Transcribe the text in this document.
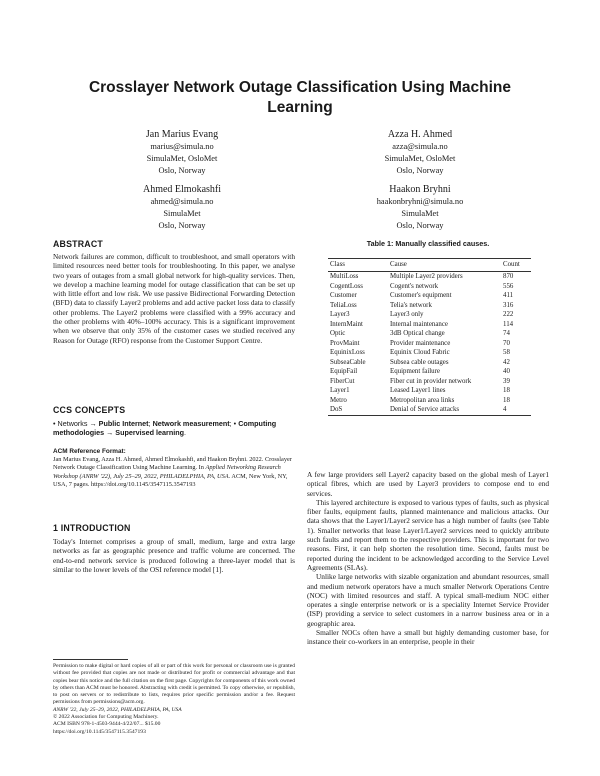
Crosslayer Network Outage Classification Using Machine Learning
Jan Marius Evang
marius@simula.no
SimulaMet, OsloMet
Oslo, Norway
Azza H. Ahmed
azza@simula.no
SimulaMet, OsloMet
Oslo, Norway
Ahmed Elmokashfi
ahmed@simula.no
SimulaMet
Oslo, Norway
Haakon Bryhni
haakonbryhni@simula.no
SimulaMet
Oslo, Norway
ABSTRACT
Network failures are common, difficult to troubleshoot, and small operators with limited resources need better tools for troubleshooting. In this paper, we analyse two years of outages from a small global network for high-quality services. Then, we develop a machine learning model for outage classification that can be set up with little effort and low risk. We use passive Bidirectional Forwarding Detection (BFD) data to classify Layer2 problems and add active packet loss data to classify other problems. The Layer2 problems were classified with a 99% accuracy and the other problems with 40%–100% accuracy. This is a significant improvement when we observe that only 35% of the customer cases we studied received any Reason for Outage (RFO) response from the Customer Support Centre.
CCS CONCEPTS
• Networks → Public Internet; Network measurement; • Computing methodologies → Supervised learning.
ACM Reference Format:
Jan Marius Evang, Azza H. Ahmed, Ahmed Elmokashfi, and Haakon Bryhni. 2022. Crosslayer Network Outage Classification Using Machine Learning. In Applied Networking Research Workshop (ANRW '22), July 25–29, 2022, PHILADELPHIA, PA, USA. ACM, New York, NY, USA, 7 pages. https://doi.org/10.1145/3547115.3547193
1 INTRODUCTION
Today's Internet comprises a group of small, medium, large and extra large networks as far as geographic presence and traffic volume are concerned. The end-to-end network service is produced following a three-layer model that is similar to the lower levels of the OSI reference model [1].
Permission to make digital or hard copies of all or part of this work for personal or classroom use is granted without fee provided that copies are not made or distributed for profit or commercial advantage and that copies bear this notice and the full citation on the first page. Copyrights for components of this work owned by others than ACM must be honored. Abstracting with credit is permitted. To copy otherwise, or republish, to post on servers or to redistribute to lists, requires prior specific permission and/or a fee. Request permissions from permissions@acm.org.
ANRW '22, July 25–29, 2022, PHILADELPHIA, PA, USA
© 2022 Association for Computing Machinery.
ACM ISBN 978-1-4503-9444-4/22/07... $15.00
https://doi.org/10.1145/3547115.3547193
Table 1: Manually classified causes.
Class	Cause	Count
MultiLoss	Multiple Layer2 providers	870
CogentLoss	Cogent's network	556
Customer	Customer's equipment	411
TeliaLoss	Telia's network	316
Layer3	Layer3 only	222
InternMaint	Internal maintenance	114
Optic	3dB Optical change	74
ProvMaint	Provider maintenance	70
EquinixLoss	Equinix Cloud Fabric	58
SubseaCable	Subsea cable outages	42
EquipFail	Equipment failure	40
FiberCut	Fiber cut in provider network	39
Layer1	Leased Layer1 lines	18
Metro	Metropolitan area links	18
DoS	Denial of Service attacks	4

A few large providers sell Layer2 capacity based on the global mesh of Layer1 optical fibres, which are used by Layer3 providers to compose end to end services.

This layered architecture is exposed to various types of faults, such as physical fiber faults, equipment faults, planned maintenance and malicious attacks. Our data shows that the Layer1/Layer2 service has a high number of faults (see Table 1). Smaller networks that lease Layer1/Layer2 services need to quickly attribute such faults and report them to the respective providers. This is important for two reasons. First, it can help shorten the resolution time. Second, faults must be reported during the incident to be acknowledged according to the Service Level Agreements (SLAs).

Unlike large networks with sizable organization and abundant resources, small and medium network operators have a much smaller Network Operations Centre (NOC) with limited resources and staff. A typical small-medium NOC either operates a single enterprise network or is a speciality Internet Service Provider (ISP) providing a service to select customers in a narrow business area or in a geographic area.

Smaller NOCs often have a small but highly demanding customer base, for instance their co-workers in an enterprise, people in their
